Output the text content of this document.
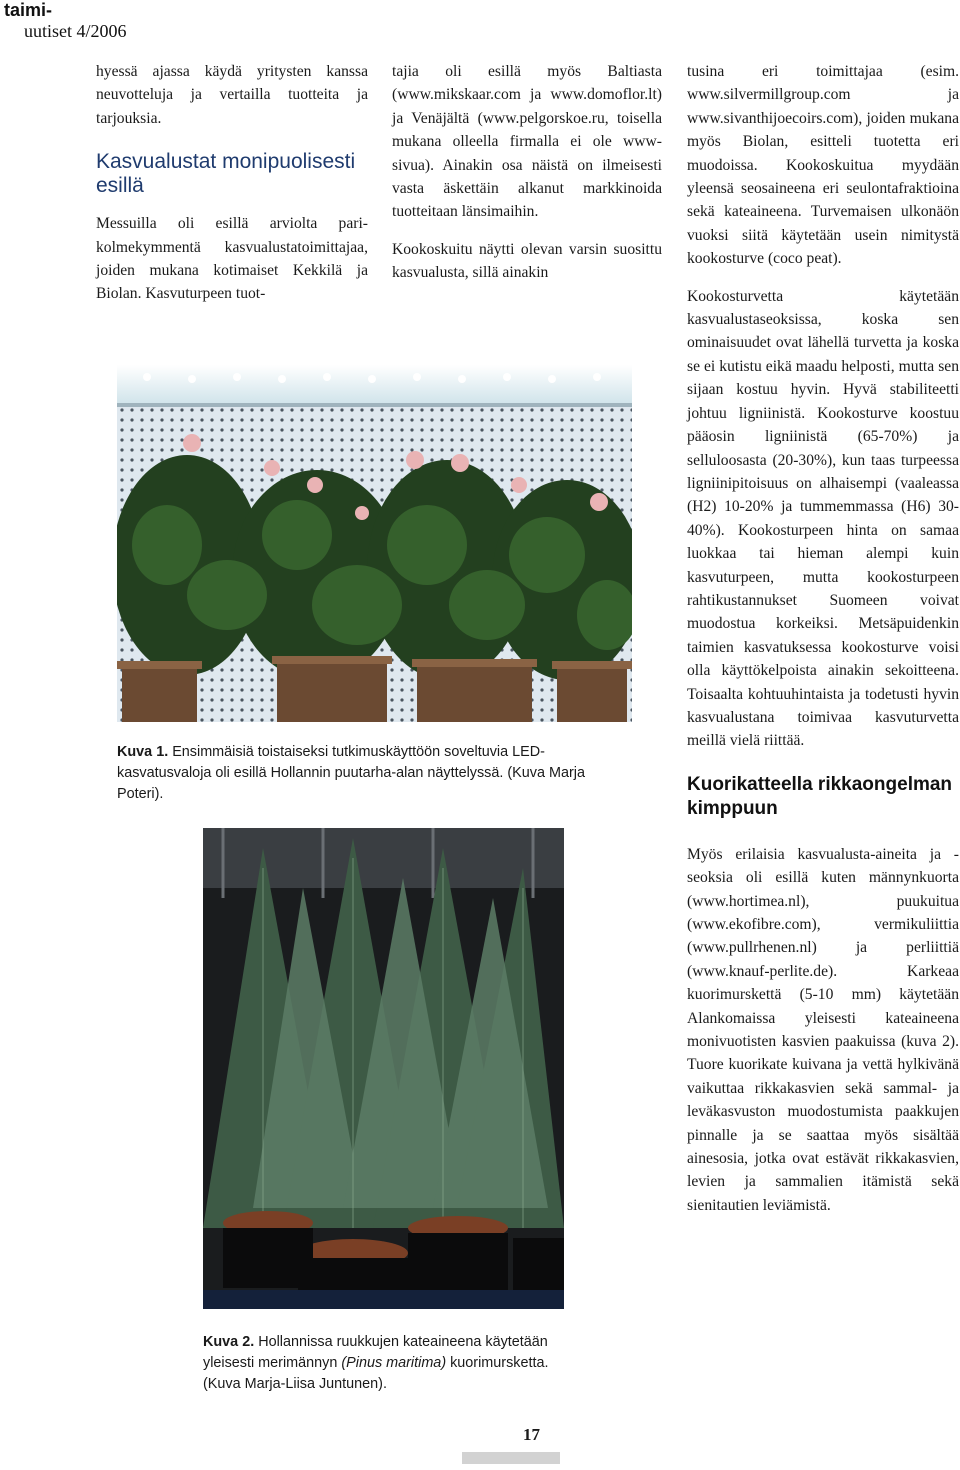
taimi-
uutiset 4/2006

hyessä ajassa käydä yritysten kanssa neuvotteluja ja vertailla tuotteita ja tarjouksia.

Kasvualustat monipuolisesti esillä

Messuilla oli esillä arviolta pari-kolmekymmentä kasvualustatoimittajaa, joiden mukana kotimaiset Kekkilä ja Biolan. Kasvuturpeen tuot-

tajia oli esillä myös Baltiasta (www.mikskaar.com ja www.domoflor.lt) ja Venäjältä (www.pelgorskoe.ru, toisella mukana olleella firmalla ei ole www-sivua). Ainakin osa näistä on ilmeisesti vasta äskettäin alkanut markkinoida tuotteitaan länsimaihin.

Kookoskuitu näytti olevan varsin suosittu kasvualusta, sillä ainakin

tusina eri toimittajaa (esim. www.silvermillgroup.com ja www.sivanthijoecoirs.com), joiden mukana myös Biolan, esitteli tuotetta eri muodoissa. Kookoskuitua myydään yleensä seosaineena eri seulontafraktioina sekä kateaineena. Turvemaisen ulkonäön vuoksi siitä käytetään usein nimitystä kookosturve (coco peat).

Kookosturvetta käytetään kasvualustaseoksissa, koska sen ominaisuudet ovat lähellä turvetta ja koska se ei kutistu eikä maadu helposti, mutta sen sijaan kostuu hyvin. Hyvä stabiliteetti johtuu ligniinistä. Kookosturve koostuu pääosin ligniinistä (65-70%) ja selluloosasta (20-30%), kun taas turpeessa ligniinipitoisuus on alhaisempi (vaaleassa (H2) 10-20% ja tummemmassa (H6) 30-40%). Kookosturpeen hinta on samaa luokkaa tai hieman alempi kuin kasvuturpeen, mutta kookosturpeen rahtikustannukset Suomeen voivat muodostua korkeiksi. Metsäpuidenkin taimien kasvatuksessa kookosturve voisi olla käyttökelpoista ainakin sekoitteena. Toisaalta kohtuuhintaista ja todetusti hyvin kasvualustana toimivaa kasvuturvetta meillä vielä riittää.

Kuorikatteella rikkaongelman kimppuun

Myös erilaisia kasvualusta-aineita ja -seoksia oli esillä kuten männynkuorta (www.hortimea.nl), puukuitua (www.ekofibre.com), vermikuliittia (www.pullrhenen.nl) ja perliittiä (www.knauf-perlite.de). Karkeaa kuorimurskettä (5-10 mm) käytetään Alankomaissa yleisesti kateaineena monivuotisten kasvien paakuissa (kuva 2). Tuore kuorikate kuivana ja vettä hylkivänä vaikuttaa rikkakasvien sekä sammal- ja leväkasvuston muodostumista paakkujen pinnalle ja se saattaa myös sisältää ainesosia, jotka ovat estävät rikkakasvien, levien ja sammalien itämistä sekä sienitautien leviämistä.

Kuva 1. Ensimmäisiä toistaiseksi tutkimuskäyttöön soveltuvia LED-kasvatusvaloja oli esillä Hollannin puutarha-alan näyttelyssä. (Kuva Marja Poteri).
Kuva 2. Hollannissa ruukkujen kateaineena käytetään yleisesti merimännyn (Pinus maritima) kuorimursketta. (Kuva Marja-Liisa Juntunen).
17
